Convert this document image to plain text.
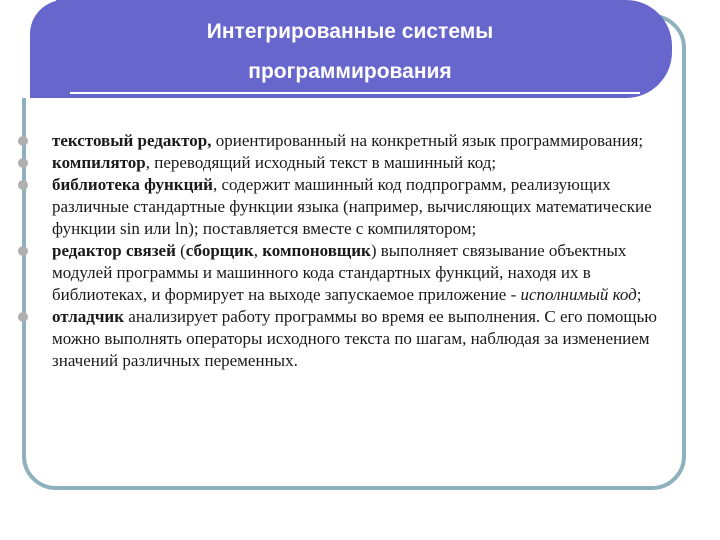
Интегрированные системы
программирования

текстовый редактор, ориентированный на конкретный язык программирования;

компилятор, переводящий исходный текст в машинный код;

библиотека функций, содержит машинный код подпрограмм, реализующих различные стандартные функции языка (например, вычисляющих математические функции sin или ln); поставляется вместе с компилятором;

редактор связей (сборщик, компоновщик) выполняет связывание объектных модулей программы и машинного кода стандартных функций, находя их в библиотеках, и формирует на выходе запускаемое приложение - исполнимый код;

отладчик анализирует работу программы во время ее выполнения. С его помощью можно выполнять операторы исходного текста по шагам, наблюдая за изменением значений различных переменных.
